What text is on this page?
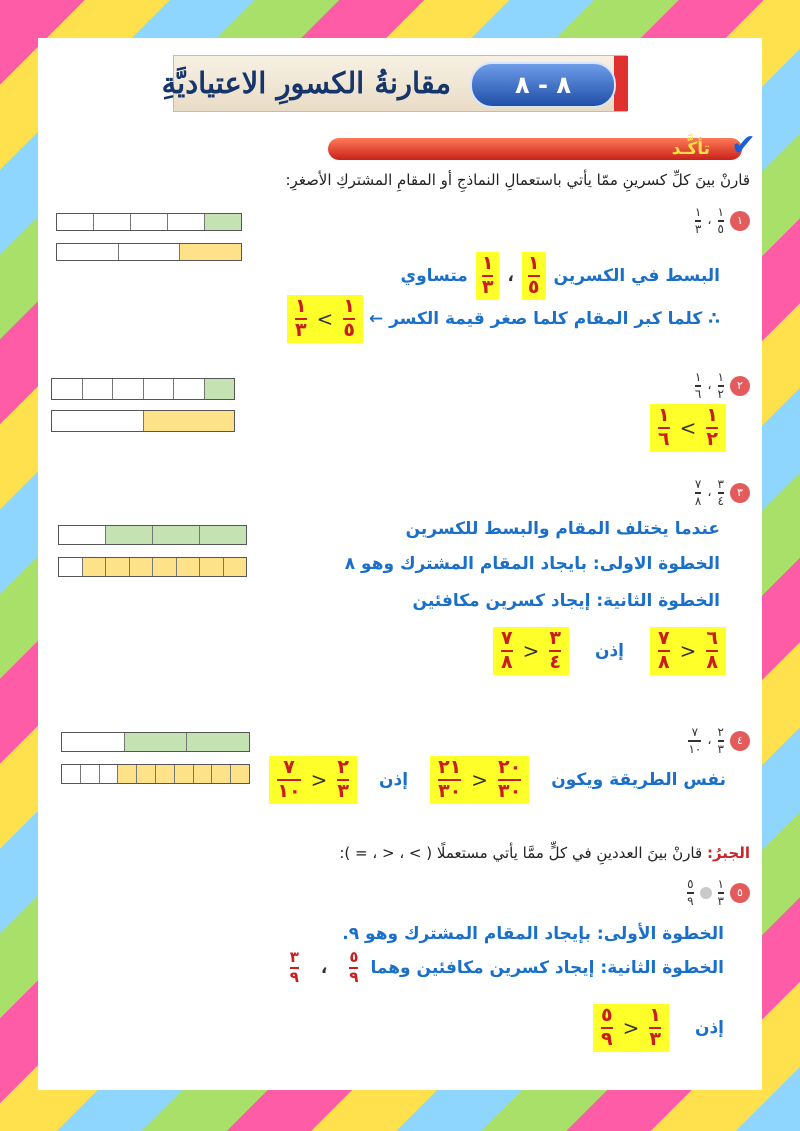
٨ - ٨
مقارنةُ الكسورِ الاعتياديَّةِ
تأكَّـد ✔
قارنْ بينَ كلِّ كسرينِ ممّا يأتي باستعمالِ النماذجِ أو المقامِ المشتركِ الأصغرِ:
١
$\frac{١}{٥}$
،
$\frac{١}{٣}$
البسط في الكسرين
$\frac{١}{٥}$
،
$\frac{١}{٣}$
متساوي
∴ كلما كبر المقام كلما صغر قيمة الكسر ←
$\frac{١}{٥}$
>
$\frac{١}{٣}$
٢
$\frac{١}{٢}$
،
$\frac{١}{٦}$
$\frac{١}{٢}$
>
$\frac{١}{٦}$
٣
$\frac{٣}{٤}$
،
$\frac{٧}{٨}$
عندما يختلف المقام والبسط للكسرين
الخطوة الاولى: بايجاد المقام المشترك وهو ٨
الخطوة الثانية: إيجاد كسرين مكافئين
$\frac{٦}{٨}$
<
$\frac{٧}{٨}$
إذن
$\frac{٣}{٤}$
<
$\frac{٧}{٨}$
٤
$\frac{٢}{٣}$
،
$\frac{٧}{١٠}$
نفس الطريقة ويكون
$\frac{٢٠}{٣٠}$
<
$\frac{٢١}{٣٠}$
إذن
$\frac{٢}{٣}$
<
$\frac{٧}{١٠}$
الجبرُ: قارنْ بينَ العددينِ في كلٍّ ممَّا يأتي مستعملًا ( > ، < ، = ):
٥
$\frac{١}{٣}$
$\frac{٥}{٩}$
الخطوة الأولى: بإيجاد المقام المشترك وهو ٩.
الخطوة الثانية: إيجاد كسرين مكافئين وهما
$\frac{٥}{٩}$
،
$\frac{٣}{٩}$
إذن
$\frac{١}{٣}$
<
$\frac{٥}{٩}$
